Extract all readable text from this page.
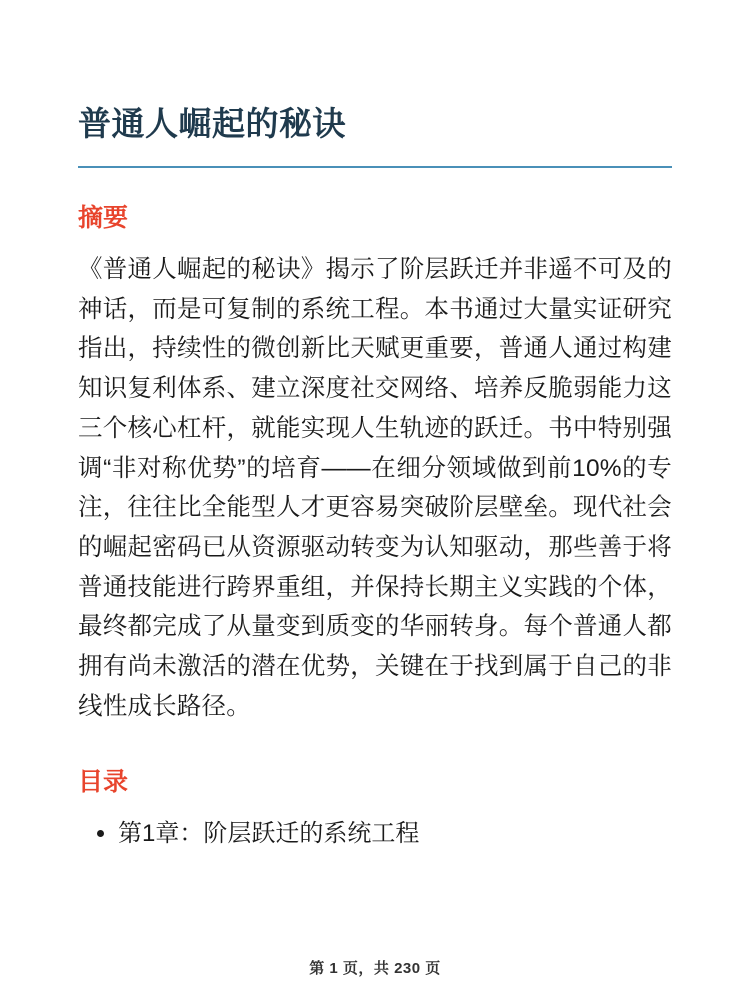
普通人崛起的秘诀
摘要

《普通人崛起的秘诀》揭示了阶层跃迁并非遥不可及的神话，而是可复制的系统工程。本书通过大量实证研究指出，持续性的微创新比天赋更重要，普通人通过构建知识复利体系、建立深度社交网络、培养反脆弱能力这三个核心杠杆，就能实现人生轨迹的跃迁。书中特别强调“非对称优势”的培育——在细分领域做到前10%的专注，往往比全能型人才更容易突破阶层壁垒。现代社会的崛起密码已从资源驱动转变为认知驱动，那些善于将普通技能进行跨界重组，并保持长期主义实践的个体，最终都完成了从量变到质变的华丽转身。每个普通人都拥有尚未激活的潜在优势，关键在于找到属于自己的非线性成长路径。

目录
• 第1章：阶层跃迁的系统工程
第 1 页，共 230 页
